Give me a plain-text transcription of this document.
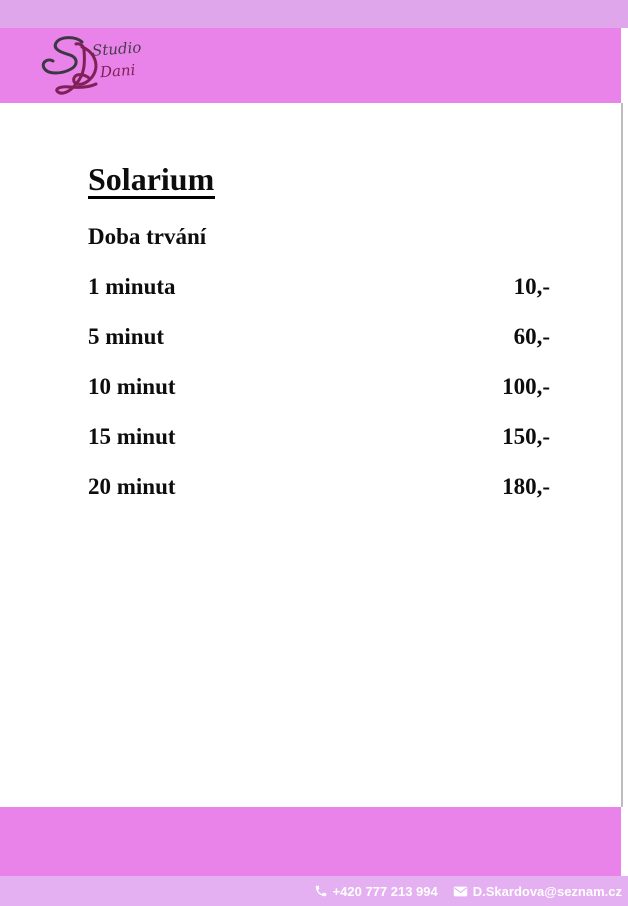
Studio
Dani
Solarium
Doba trvání
1 minuta	10,-
5 minut	60,-
10 minut	100,-
15 minut	150,-
20 minut	180,-
+420 777 213 994	D.Skardova@seznam.cz
